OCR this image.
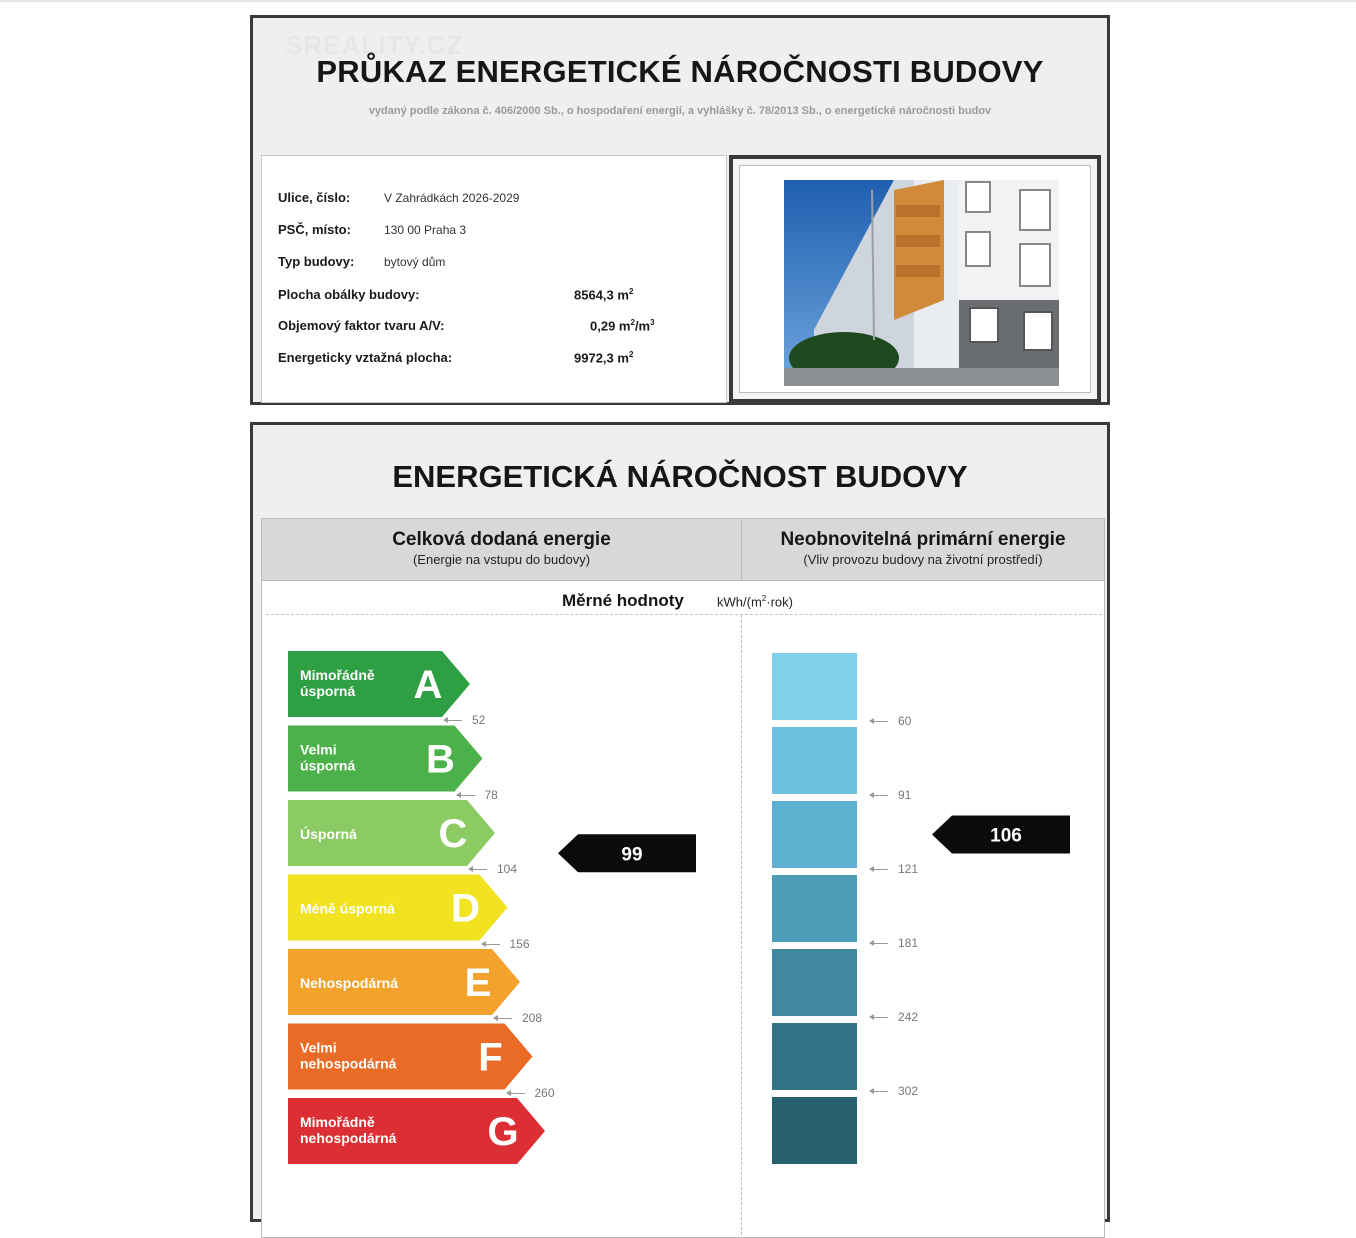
SREALITY.CZ
PRŮKAZ ENERGETICKÉ NÁROČNOSTI BUDOVY
vydaný podle zákona č. 406/2000 Sb., o hospodaření energií, a vyhlášky č. 78/2013 Sb., o energetické náročnosti budov
Ulice, číslo:	V Zahrádkách 2026-2029
PSČ, místo:	130 00 Praha 3
Typ budovy: bytový dům
Plocha obálky budovy:	8564,3 $m^2$
Objemový faktor tvaru A/V:	0,29 $m^2/m^3$
Energeticky vztažná plocha:	9972,3 $m^2$
ENERGETICKÁ NÁROČNOST BUDOVY
Celková dodaná energie
(Energie na vstupu do budovy)
Neobnovitelná primární energie
(Vliv provozu budovy na životní prostředí)
Měrné hodnoty	kWh/$(m^2\cdot rok)$
Mimořádně
úsporná A
Velmi
úsporná B
Úsporná C
Méně úsporná D
Nehospodárná E
Velmi
nehospodárná F
Mimořádně
nehospodárná G
99
52
78
104
156
208
260
106
60
91
121
181
242
302
